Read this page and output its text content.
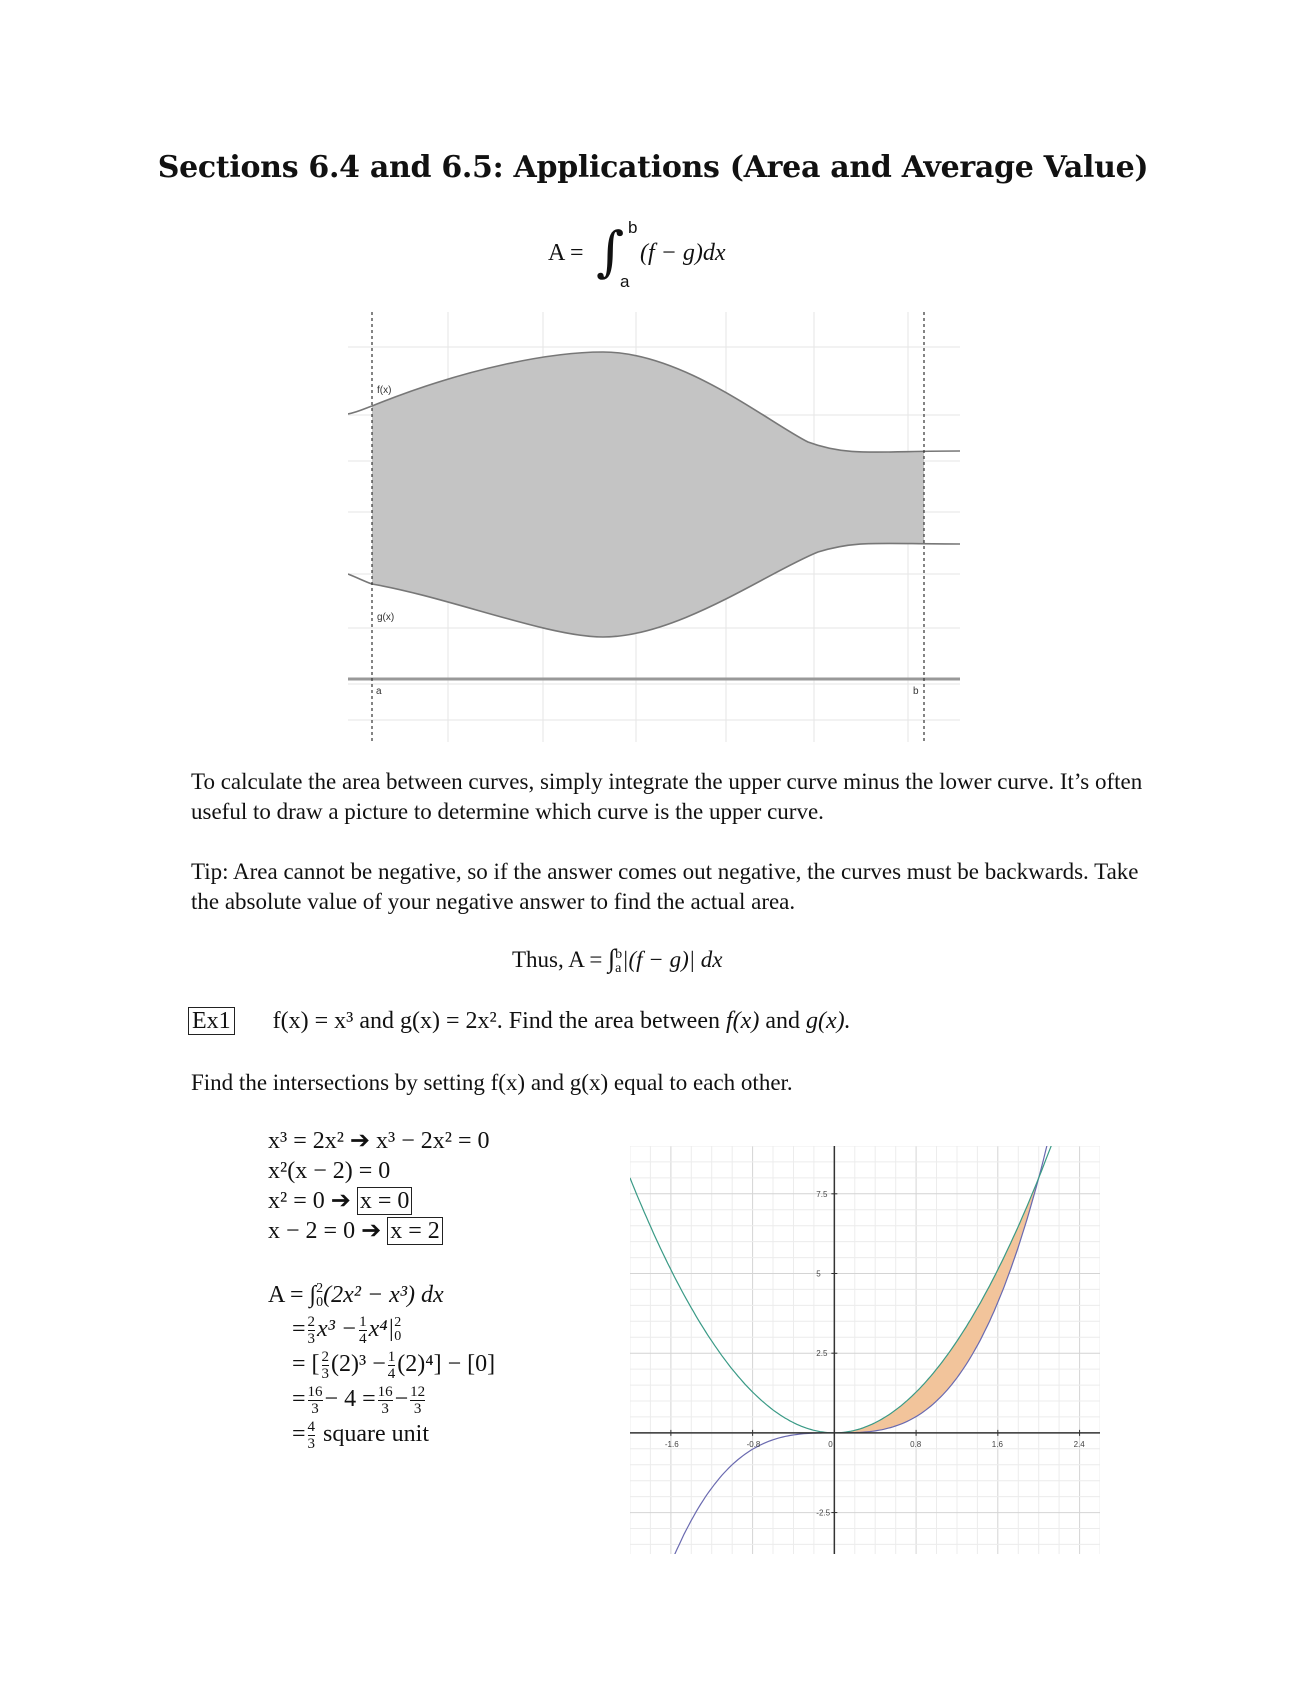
Sections 6.4 and 6.5: Applications (Area and Average Value)
A = ∫ b
a
(f − g)dx
f(x)
g(x)
a	b
To calculate the area between curves, simply integrate the upper curve minus the lower curve. It’s often useful to draw a picture to determine which curve is the upper curve.
Tip: Area cannot be negative, so if the answer comes out negative, the curves must be backwards. Take the absolute value of your negative answer to find the actual area.
Thus, A = ∫ b
a |(f − g)| dx
Ex1 f(x) = x³ and g(x) = 2x². Find the area between f(x) and g(x).
Find the intersections by setting f(x) and g(x) equal to each other.
x³ = 2x² ➔ x³ − 2x² = 0
x²(x − 2) = 0
x² = 0 ➔ x = 0
x − 2 = 0 ➔ x = 2
A = ∫ 2
0 (2x² − x³) dx
= $\frac{2}{3} x^3 - \frac{1}{4} x^4|$ 2
0
= [ $\frac{2}{3} (2)^3 - \frac{1}{4} (2)^4] - [0]$
= $\frac{16}{3} - 4 = \frac{16}{3} - \frac{12}{3}$
= $\frac{4}{3}$ square unit	-1.6	-0.8	0	0.8	1.6	2.4
7.5
5
2.5
-2.5
